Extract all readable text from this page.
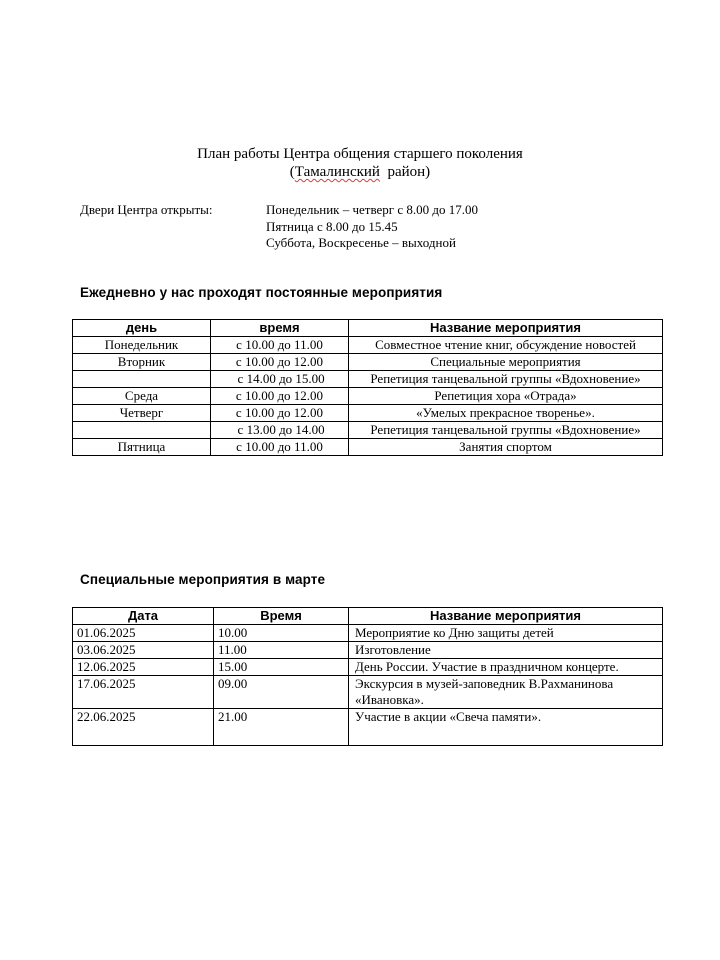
План работы Центра общения старшего поколения
(Тамалинский  район)
Двери Центра открыты:	Понедельник – четверг с 8.00 до 17.00
Пятница с 8.00 до 15.45
Суббота, Воскресенье – выходной
Ежедневно у нас проходят постоянные мероприятия
день	время	Название мероприятия
Понедельник	с 10.00 до 11.00	Совместное чтение книг, обсуждение новостей
Вторник	с 10.00 до 12.00	Специальные мероприятия
	с 14.00 до 15.00	Репетиция танцевальной группы «Вдохновение»
Среда	с 10.00 до 12.00	Репетиция хора «Отрада»
Четверг	с 10.00 до 12.00	«Умелых прекрасное творенье».
	с 13.00 до 14.00	Репетиция танцевальной группы «Вдохновение»
Пятница	с 10.00 до 11.00	Занятия спортом
Специальные мероприятия в марте
Дата	Время	Название мероприятия
01.06.2025	10.00	Мероприятие ко Дню защиты детей
03.06.2025	11.00	Изготовление
12.06.2025	15.00	День России. Участие в праздничном концерте.
17.06.2025	09.00	Экскурсия в музей-заповедник В.Рахманинова «Ивановка».
22.06.2025	21.00	Участие в акции «Свеча памяти».
